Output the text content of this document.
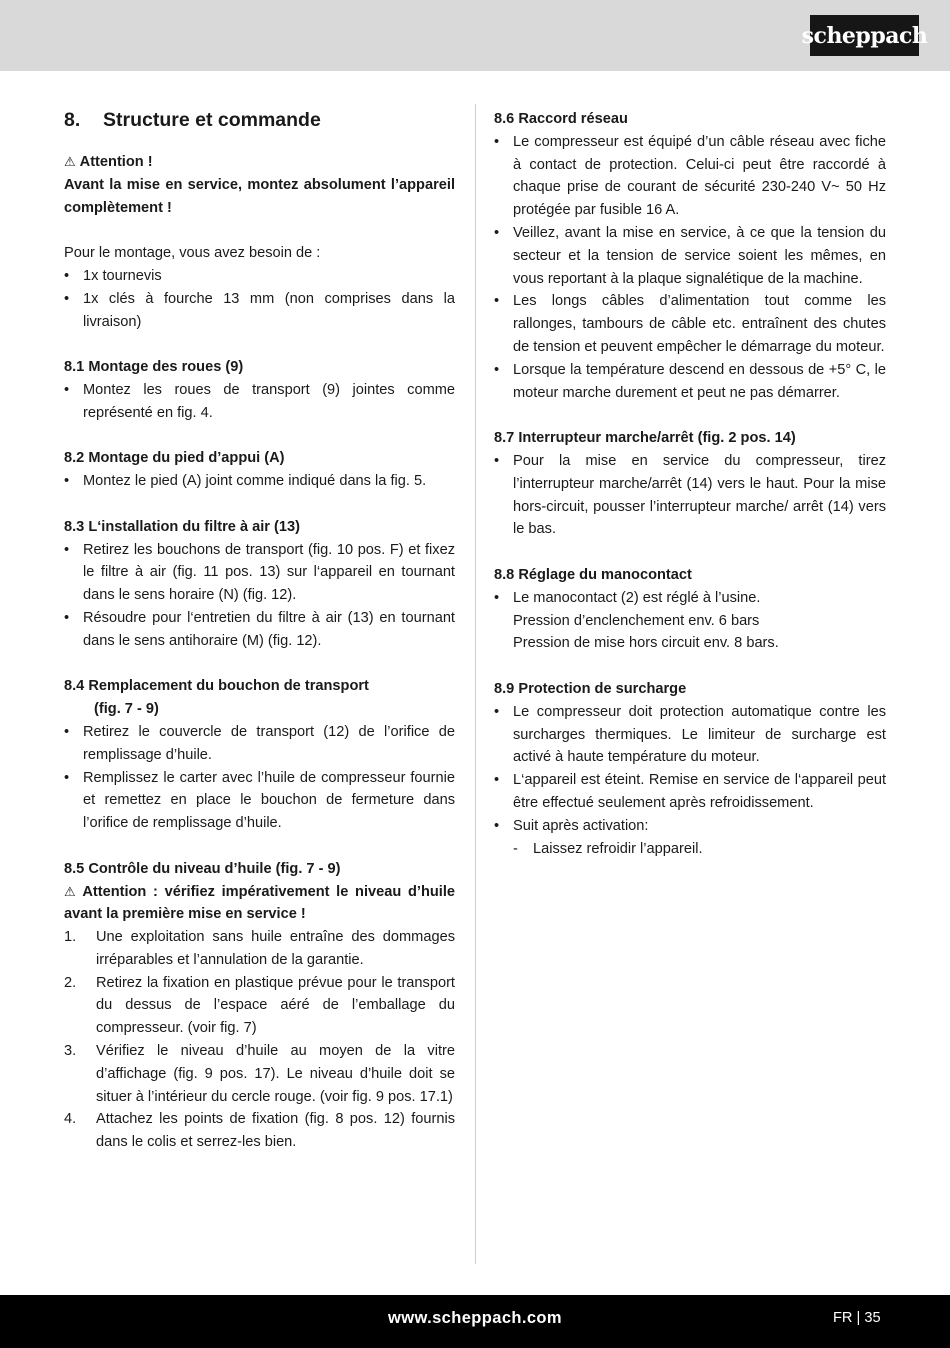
scheppach
8.	Structure et commande
⚠ Attention !
Avant la mise en service, montez absolument l’appareil complètement !
Pour le montage, vous avez besoin de :
• 1x tournevis
• 1x clés à fourche 13 mm (non comprises dans la livraison)
8.1 Montage des roues (9)
• Montez les roues de transport (9) jointes comme représenté en fig. 4.
8.2 Montage du pied d’appui (A)
• Montez le pied (A) joint comme indiqué dans la fig. 5.
8.3 L‘installation du filtre à air (13)
• Retirez les bouchons de transport (fig. 10 pos. F) et fixez le filtre à air (fig. 11 pos. 13) sur l‘appareil en tournant dans le sens horaire (N) (fig. 12).
• Résoudre pour l‘entretien du filtre à air (13) en tournant dans le sens antihoraire (M) (fig. 12).
8.4 Remplacement du bouchon de transport
(fig. 7 - 9)
• Retirez le couvercle de transport (12) de l’orifice de remplissage d’huile.
• Remplissez le carter avec l’huile de compresseur fournie et remettez en place le bouchon de fermeture dans l’orifice de remplissage d’huile.
8.5 Contrôle du niveau d’huile (fig. 7 - 9)
⚠ Attention : vérifiez impérativement le niveau d’huile avant la première mise en service !
1. Une exploitation sans huile entraîne des dommages irréparables et l’annulation de la garantie.
2. Retirez la fixation en plastique prévue pour le transport du dessus de l’espace aéré de l’emballage du compresseur. (voir fig. 7)
3. Vérifiez le niveau d’huile au moyen de la vitre d’affichage (fig. 9 pos. 17). Le niveau d’huile doit se situer à l’intérieur du cercle rouge. (voir fig. 9 pos. 17.1)
4. Attachez les points de fixation (fig. 8 pos. 12) fournis dans le colis et serrez-les bien.
8.6 Raccord réseau
• Le compresseur est équipé d’un câble réseau avec fiche à contact de protection. Celui-ci peut être raccordé à chaque prise de courant de sécurité 230-240 V~ 50 Hz protégée par fusible 16 A.
• Veillez, avant la mise en service, à ce que la tension du secteur et la tension de service soient les mêmes, en vous reportant à la plaque signalétique de la machine.
• Les longs câbles d’alimentation tout comme les rallonges, tambours de câble etc. entraînent des chutes de tension et peuvent empêcher le démarrage du moteur.
• Lorsque la température descend en dessous de +5° C, le moteur marche durement et peut ne pas démarrer.
8.7 Interrupteur marche/arrêt (fig. 2 pos. 14)
• Pour la mise en service du compresseur, tirez l’interrupteur marche/arrêt (14) vers le haut. Pour la mise hors-circuit, pousser l’interrupteur marche/ arrêt (14) vers le bas.
8.8 Réglage du manocontact
• Le manocontact (2) est réglé à l’usine.
Pression d’enclenchement env. 6 bars
Pression de mise hors circuit env. 8 bars.
8.9 Protection de surcharge
• Le compresseur doit protection automatique contre les surcharges thermiques. Le limiteur de surcharge est activé à haute température du moteur.
• L‘appareil est éteint. Remise en service de l‘appareil peut être effectué seulement après refroidissement.
• Suit après activation:
- Laissez refroidir l’appareil.
www.scheppach.com	FR | 35
